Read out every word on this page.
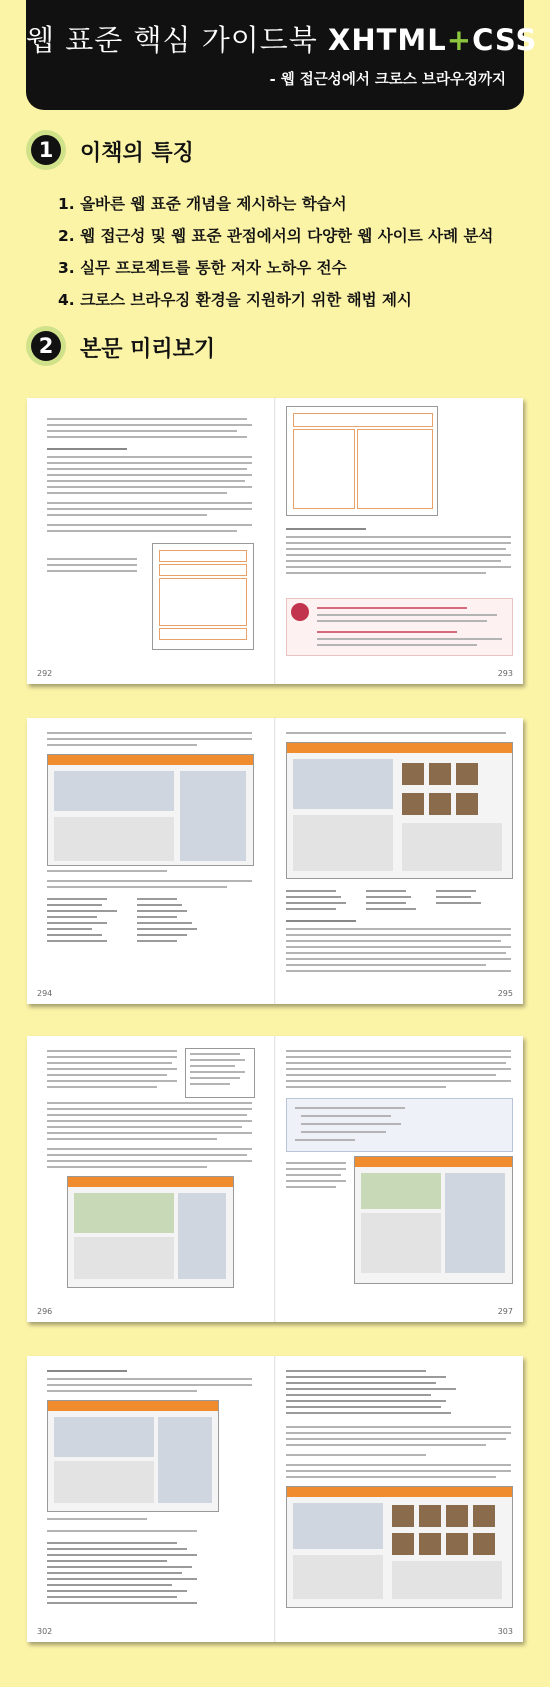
웹 표준 핵심 가이드북 XHTML+CSS
- 웹 접근성에서 크로스 브라우징까지
1	이책의 특징
1. 올바른 웹 표준 개념을 제시하는 학습서
2. 웹 접근성 및 웹 표준 관점에서의 다양한 웹 사이트 사례 분석
3. 실무 프로젝트를 통한 저자 노하우 전수
4. 크로스 브라우징 환경을 지원하기 위한 해법 제시
2	본문 미리보기
292	293
294	295
296	297
302	303
